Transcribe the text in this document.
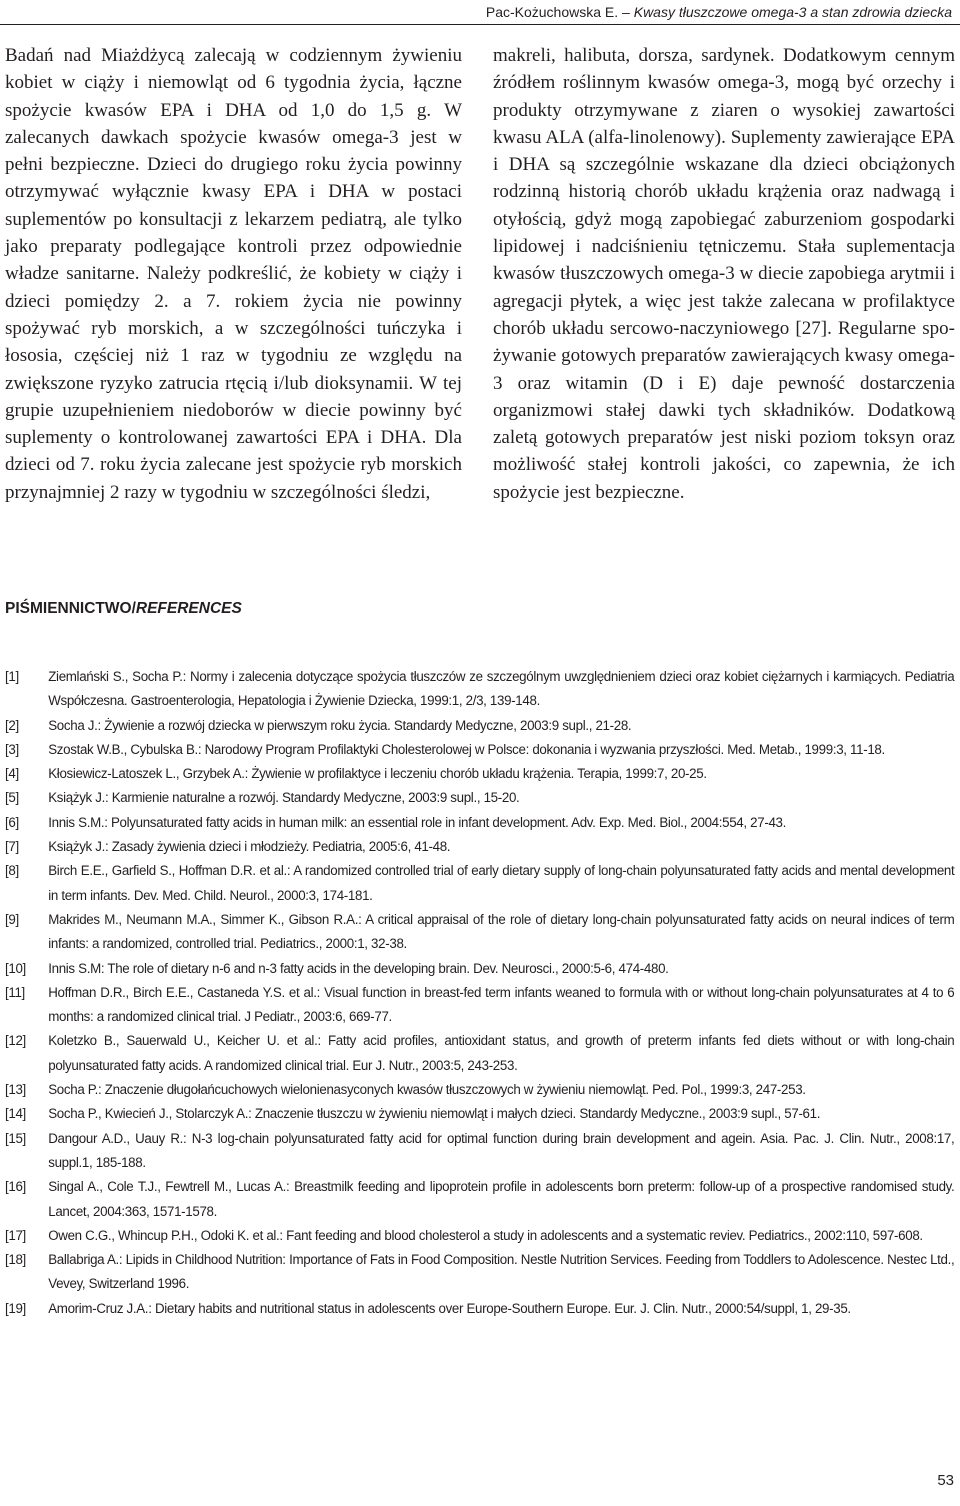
Pac-Kożuchowska E. – Kwasy tłuszczowe omega-3 a stan zdrowia dziecka

Badań nad Miażdżycą zalecają w codziennym żywieniu kobiet w ciąży i niemowląt od 6 tygodnia życia, łączne spożycie kwasów EPA i DHA od 1,0 do 1,5 g. W zalecanych dawkach spożycie kwasów omega-3 jest w pełni bezpieczne. Dzieci do drugiego roku życia powinny otrzymywać wyłącznie kwasy EPA i DHA w postaci suplementów po konsultacji z lekarzem pediatrą, ale tylko jako preparaty podlegające kontroli przez odpowiednie władze sanitarne. Należy podkreślić, że kobiety w ciąży i dzieci pomiędzy 2. a 7. rokiem życia nie powinny spożywać ryb morskich, a w szczególności tuńczyka i łososia, częściej niż 1 raz w tygodniu ze względu na zwiększone ryzyko zatrucia rtęcią i/lub dioksynamii. W tej grupie uzupełnieniem niedoborów w diecie powinny być suplementy o kontrolowanej zawartości EPA i DHA. Dla dzieci od 7. roku życia zalecane jest spożycie ryb morskich przynajmniej 2 razy w tygodniu w szczególności śledzi,

makreli, halibuta, dorsza, sardynek. Dodatkowym cennym źródłem roślinnym kwasów omega-3, mogą być orzechy i produkty otrzymywane z ziaren o wysokiej zawartości kwasu ALA (alfa-linolenowy). Suplementy zawierające EPA i DHA są szczególnie wskazane dla dzieci obciążonych rodzinną historią chorób układu krążenia oraz nadwagą i otyłością, gdyż mogą zapobiegać zaburzeniom gospodarki lipidowej i nadciśnieniu tętniczemu. Stała suplementacja kwasów tłuszczowych omega-3 w diecie zapobiega arytmii i agregacji płytek, a więc jest także zalecana w profilaktyce chorób układu sercowo-naczyniowego [27]. Regularne spożywanie gotowych preparatów zawierających kwasy omega-3 oraz witamin (D i E) daje pewność dostarczenia organizmowi stałej dawki tych składników. Dodatkową zaletą gotowych preparatów jest niski poziom toksyn oraz możliwość stałej kontroli jakości, co zapewnia, że ich spożycie jest bezpieczne.

PIŚMIENNICTWO/REFERENCES
[1]	Ziemlański S., Socha P.: Normy i zalecenia dotyczące spożycia tłuszczów ze szczególnym uwzględnieniem dzieci oraz kobiet ciężarnych i karmiących. Pediatria Współczesna. Gastroenterologia, Hepatologia i Żywienie Dziecka, 1999:1, 2/3, 139-148.
[2]	Socha J.: Żywienie a rozwój dziecka w pierwszym roku życia. Standardy Medyczne, 2003:9 supl., 21-28.
[3]	Szostak W.B., Cybulska B.: Narodowy Program Profilaktyki Cholesterolowej w Polsce: dokonania i wyzwania przyszłości. Med. Metab., 1999:3, 11-18.
[4]	Kłosiewicz-Latoszek L., Grzybek A.: Żywienie w profilaktyce i leczeniu chorób układu krążenia. Terapia, 1999:7, 20-25.
[5]	Książyk J.: Karmienie naturalne a rozwój. Standardy Medyczne, 2003:9 supl., 15-20.
[6]	Innis S.M.: Polyunsaturated fatty acids in human milk: an essential role in infant development. Adv. Exp. Med. Biol., 2004:554, 27-43.
[7]	Książyk J.: Zasady żywienia dzieci i młodzieży. Pediatria, 2005:6, 41-48.
[8]	Birch E.E., Garfield S., Hoffman D.R. et al.: A randomized controlled trial of early dietary supply of long-chain polyunsaturated fatty acids and mental development in term infants. Dev. Med. Child. Neurol., 2000:3, 174-181.
[9]	Makrides M., Neumann M.A., Simmer K., Gibson R.A.: A critical appraisal of the role of dietary long-chain polyunsaturated fatty acids on neural indices of term infants: a randomized, controlled trial. Pediatrics., 2000:1, 32-38.
[10]	Innis S.M: The role of dietary n-6 and n-3 fatty acids in the developing brain. Dev. Neurosci., 2000:5-6, 474-480.
[11]	Hoffman D.R., Birch E.E., Castaneda Y.S. et al.: Visual function in breast-fed term infants weaned to formula with or without long-chain polyunsaturates at 4 to 6 months: a randomized clinical trial. J Pediatr., 2003:6, 669-77.
[12]	Koletzko B., Sauerwald U., Keicher U. et al.: Fatty acid profiles, antioxidant status, and growth of preterm infants fed diets without or with long-chain polyunsaturated fatty acids. A randomized clinical trial. Eur J. Nutr., 2003:5, 243-253.
[13]	Socha P.: Znaczenie długołańcuchowych wielonienasyconych kwasów tłuszczowych w żywieniu niemowląt. Ped. Pol., 1999:3, 247-253.
[14]	Socha P., Kwiecień J., Stolarczyk A.: Znaczenie tłuszczu w żywieniu niemowląt i małych dzieci. Standardy Medyczne., 2003:9 supl., 57-61.
[15]	Dangour A.D., Uauy R.: N-3 log-chain polyunsaturated fatty acid for optimal function during brain development and agein. Asia. Pac. J. Clin. Nutr., 2008:17, suppl.1, 185-188.
[16]	Singal A., Cole T.J., Fewtrell M., Lucas A.: Breastmilk feeding and lipoprotein profile in adolescents born preterm: follow-up of a prospective randomised study. Lancet, 2004:363, 1571-1578.
[17]	Owen C.G., Whincup P.H., Odoki K. et al.: Fant feeding and blood cholesterol a study in adolescents and a systematic reviev. Pediatrics., 2002:110, 597-608.
[18]	Ballabriga A.: Lipids in Childhood Nutrition: Importance of Fats in Food Composition. Nestle Nutrition Services. Feeding from Toddlers to Adolescence. Nestec Ltd., Vevey, Switzerland 1996.
[19]	Amorim-Cruz J.A.: Dietary habits and nutritional status in adolescents over Europe-Southern Europe. Eur. J. Clin. Nutr., 2000:54/suppl, 1, 29-35.
53
